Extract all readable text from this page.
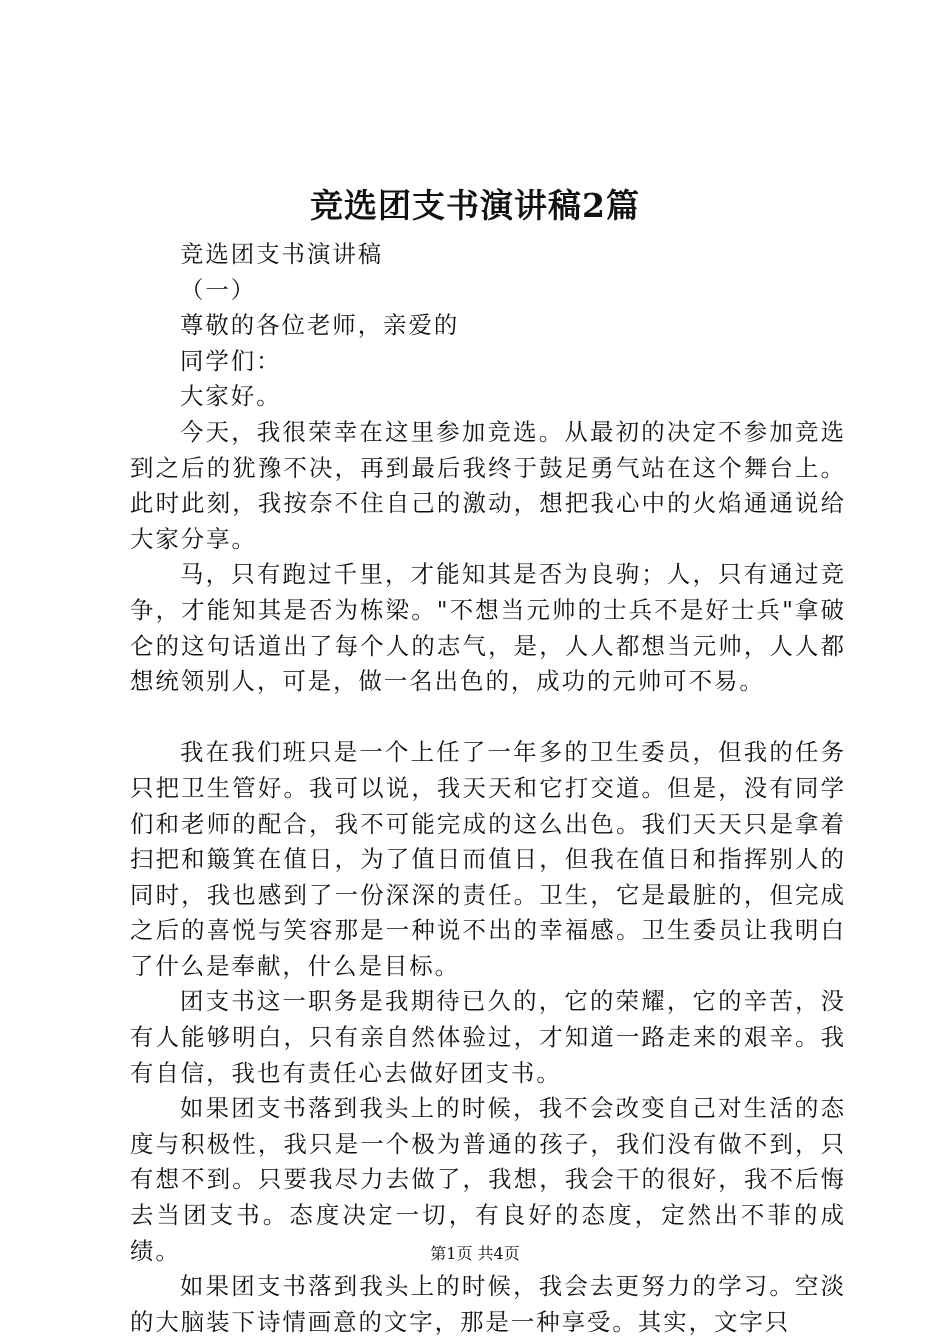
竞选团支书演讲稿2篇

竞选团支书演讲稿

（一）

尊敬的各位老师，亲爱的

同学们：

大家好。

今天，我很荣幸在这里参加竞选。从最初的决定不参加竞选到之后的犹豫不决，再到最后我终于鼓足勇气站在这个舞台上。此时此刻，我按奈不住自己的激动，想把我心中的火焰通通说给大家分享。

马，只有跑过千里，才能知其是否为良驹；人，只有通过竞争，才能知其是否为栋梁。"不想当元帅的士兵不是好士兵"拿破仑的这句话道出了每个人的志气，是，人人都想当元帅，人人都想统领别人，可是，做一名出色的，成功的元帅可不易。

我在我们班只是一个上任了一年多的卫生委员，但我的任务只把卫生管好。我可以说，我天天和它打交道。但是，没有同学们和老师的配合，我不可能完成的这么出色。我们天天只是拿着扫把和簸箕在值日，为了值日而值日，但我在值日和指挥别人的同时，我也感到了一份深深的责任。卫生，它是最脏的，但完成之后的喜悦与笑容那是一种说不出的幸福感。卫生委员让我明白了什么是奉献，什么是目标。

团支书这一职务是我期待已久的，它的荣耀，它的辛苦，没有人能够明白，只有亲自然体验过，才知道一路走来的艰辛。我有自信，我也有责任心去做好团支书。

如果团支书落到我头上的时候，我不会改变自己对生活的态度与积极性，我只是一个极为普通的孩子，我们没有做不到，只有想不到。只要我尽力去做了，我想，我会干的很好，我不后悔去当团支书。态度决定一切，有良好的态度，定然出不菲的成绩。

如果团支书落到我头上的时候，我会去更努力的学习。空淡的大脑装下诗情画意的文字，那是一种享受。其实，文字只

第1页 共4页
